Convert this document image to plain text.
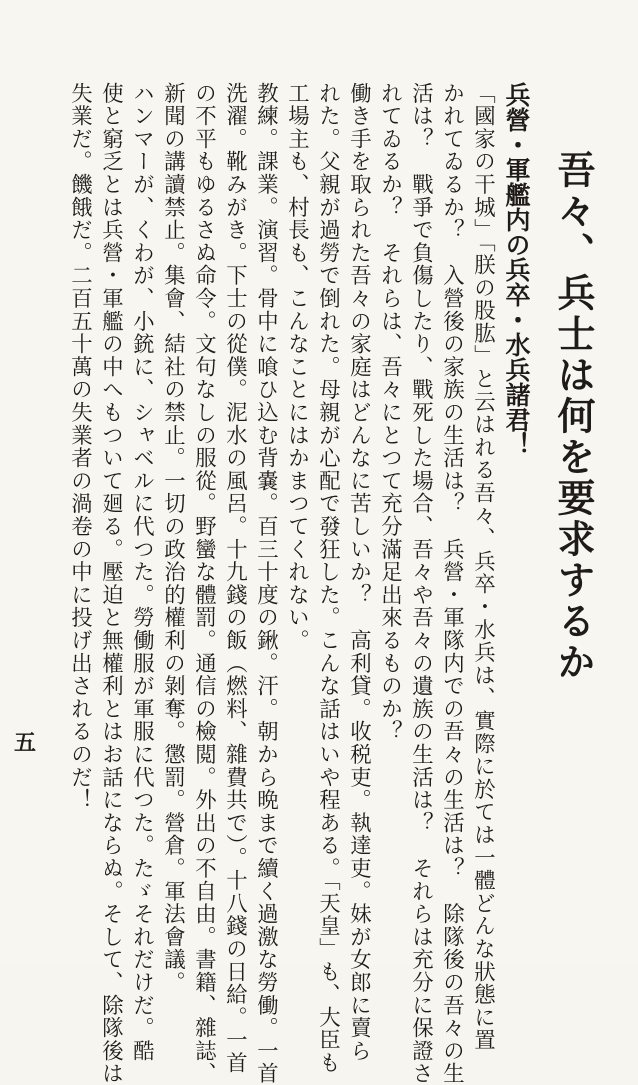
吾々、兵士は何を要求するか
兵營・軍艦内の兵卒・水兵諸君！
「國家の干城」「朕の股肱」と云はれる吾々、兵卒・水兵は、實際に於ては一體どんな狀態に置
かれてゐるか？　入營後の家族の生活は？　兵營・軍隊内での吾々の生活は？　除隊後の吾々の生
活は？　戰爭で負傷したり、戰死した場合、吾々や吾々の遺族の生活は？　それらは充分に保證さ
れてゐるか？　それらは、吾々にとつて充分滿足出來るものか？
働き手を取られた吾々の家庭はどんなに苦しいか？　高利貸。收税吏。執達吏。妹が女郎に賣ら
れた。父親が過勞で倒れた。母親が心配で發狂した。こんな話はいや程ある。「天皇」も、大臣も
工場主も、村長も、こんなことにはかまつてくれない。
教練。課業。演習。骨中に喰ひ込む背嚢。百三十度の鍬。汗。朝から晩まで續く過激な勞働。一首
洗濯。靴みがき。下士の從僕。泥水の風呂。十九錢の飯（燃料、雜費共で）。十八錢の日給。一首
の不平もゆるさぬ命令。文句なしの服從。野蠻な體罰。通信の檢閲。外出の不自由。書籍、雜誌、
新聞の講讀禁止。集會、結社の禁止。一切の政治的權利の剝奪。懲罰。營倉。軍法會議。
ハンマーが、くわが、小銃に、シャベルに代つた。勞働服が軍服に代つた。たゞそれだけだ。酷
使と窮乏とは兵營・軍艦の中へもついて廻る。壓迫と無權利とはお話にならぬ。そして、除隊後は
失業だ。饑餓だ。二百五十萬の失業者の渦卷の中に投げ出されるのだ！
五
